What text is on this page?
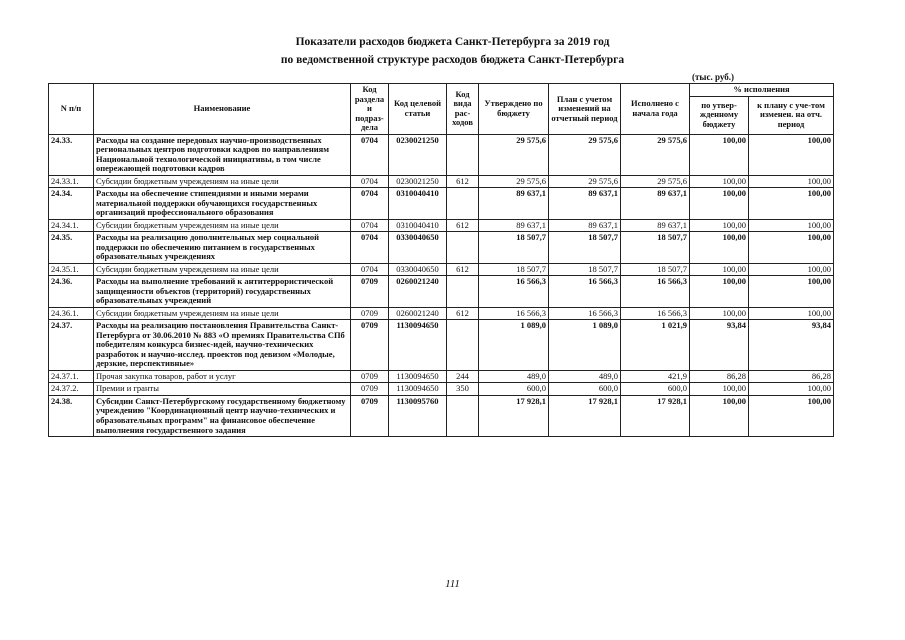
Показатели расходов бюджета Санкт-Петербурга за 2019 год
по ведомственной структуре расходов бюджета Санкт-Петербурга
(тыс. руб.)
N п/п	Наименование	Код раздела и подраз-дела	Код целевой статьи	Код вида рас-ходов	Утверждено по бюджету	План с учетом изменений на отчетный период	Исполнено с начала года	% исполнения	
								по утвер-жденному бюджету	к плану с уче-том изменен. на отч. период
24.33.	Расходы на создание передовых научно-производственных региональных центров подготовки кадров по направлениям Национальной технологической инициативы, в том числе опережающей подготовки кадров	0704	0230021250		29 575,6	29 575,6	29 575,6	100,00	100,00
24.33.1.	Субсидии бюджетным учреждениям на иные цели	0704	0230021250	612	29 575,6	29 575,6	29 575,6	100,00	100,00
24.34.	Расходы на обеспечение стипендиями и иными мерами материальной поддержки обучающихся государственных организаций профессионального образования	0704	0310040410		89 637,1	89 637,1	89 637,1	100,00	100,00
24.34.1.	Субсидии бюджетным учреждениям на иные цели	0704	0310040410	612	89 637,1	89 637,1	89 637,1	100,00	100,00
24.35.	Расходы на реализацию дополнительных мер социальной поддержки по обеспечению питанием в государственных образовательных учреждениях	0704	0330040650		18 507,7	18 507,7	18 507,7	100,00	100,00
24.35.1.	Субсидии бюджетным учреждениям на иные цели	0704	0330040650	612	18 507,7	18 507,7	18 507,7	100,00	100,00
24.36.	Расходы на выполнение требований к антитеррористической защищенности объектов (территорий) государственных образовательных учреждений	0709	0260021240		16 566,3	16 566,3	16 566,3	100,00	100,00
24.36.1.	Субсидии бюджетным учреждениям на иные цели	0709	0260021240	612	16 566,3	16 566,3	16 566,3	100,00	100,00
24.37.	Расходы на реализацию постановления Правительства Санкт-Петербурга от 30.06.2010 № 883 «О премиях Правительства СПб победителям конкурса бизнес-идей, научно-технических разработок и научно-исслед. проектов под девизом «Молодые, дерзкие, перспективные»	0709	1130094650		1 089,0	1 089,0	1 021,9	93,84	93,84
24.37.1.	Прочая закупка товаров, работ и услуг	0709	1130094650	244	489,0	489,0	421,9	86,28	86,28
24.37.2.	Премии и гранты	0709	1130094650	350	600,0	600,0	600,0	100,00	100,00
24.38.	Субсидии Санкт-Петербургскому государственному бюджетному учреждению "Координационный центр научно-технических и образовательных программ" на финансовое обеспечение выполнения государственного задания	0709	1130095760		17 928,1	17 928,1	17 928,1	100,00	100,00
111
